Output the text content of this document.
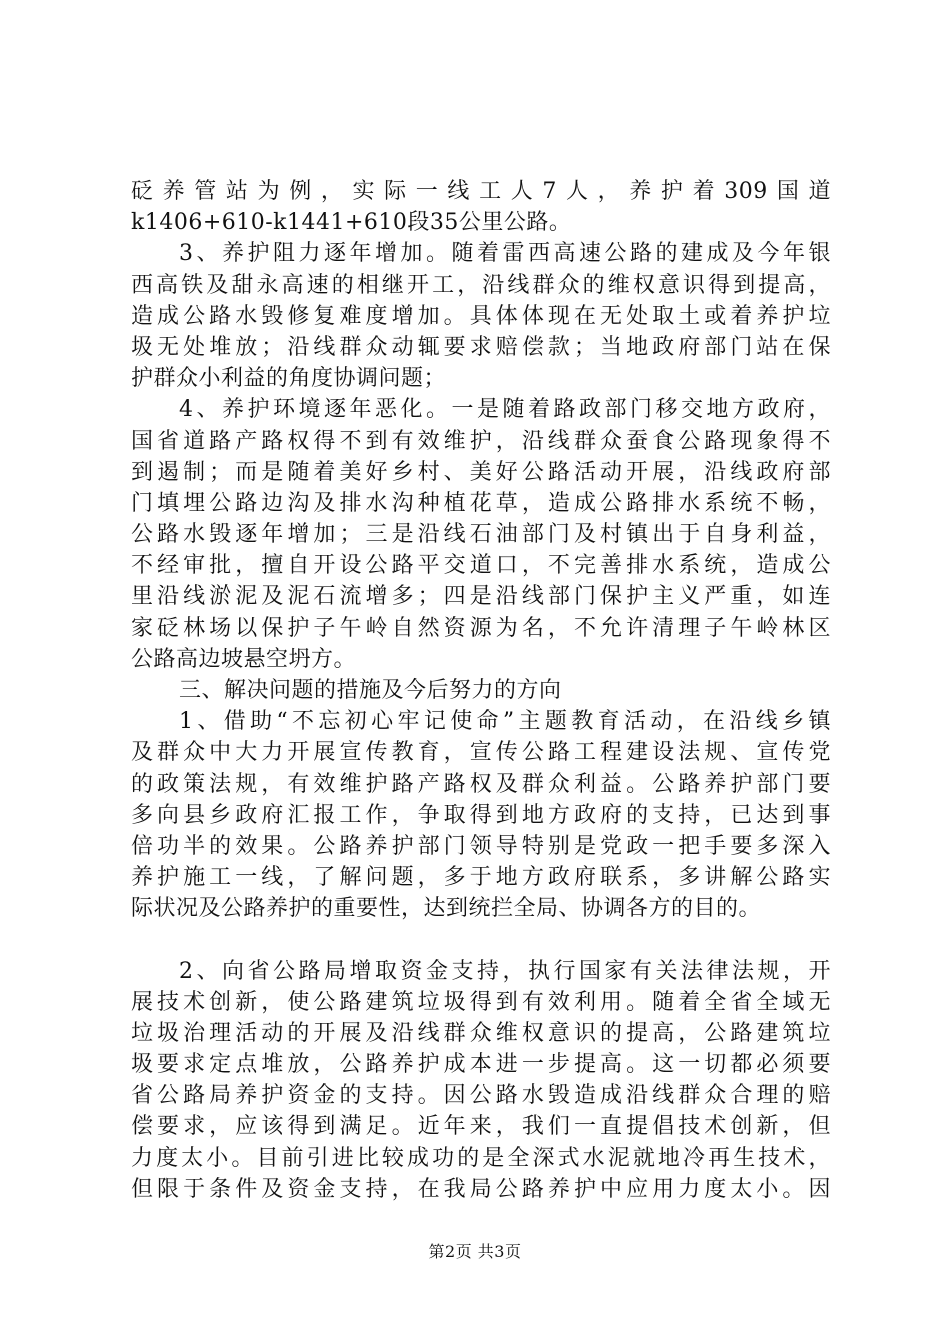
砭养管站为例，实际一线工人7人，养护着309国道
k1406+610-k1441+610段35公里公路。
3、养护阻力逐年增加。随着雷西高速公路的建成及今年银
西高铁及甜永高速的相继开工，沿线群众的维权意识得到提高，
造成公路水毁修复难度增加。具体体现在无处取土或着养护垃
圾无处堆放；沿线群众动辄要求赔偿款；当地政府部门站在保
护群众小利益的角度协调问题；
4、养护环境逐年恶化。一是随着路政部门移交地方政府，
国省道路产路权得不到有效维护，沿线群众蚕食公路现象得不
到遏制；而是随着美好乡村、美好公路活动开展，沿线政府部
门填埋公路边沟及排水沟种植花草，造成公路排水系统不畅，
公路水毁逐年增加；三是沿线石油部门及村镇出于自身利益，
不经审批，擅自开设公路平交道口，不完善排水系统，造成公
里沿线淤泥及泥石流增多；四是沿线部门保护主义严重，如连
家砭林场以保护子午岭自然资源为名，不允许清理子午岭林区
公路高边坡悬空坍方。
三、解决问题的措施及今后努力的方向
1、借助“不忘初心牢记使命”主题教育活动，在沿线乡镇
及群众中大力开展宣传教育，宣传公路工程建设法规、宣传党
的政策法规，有效维护路产路权及群众利益。公路养护部门要
多向县乡政府汇报工作，争取得到地方政府的支持，已达到事
倍功半的效果。公路养护部门领导特别是党政一把手要多深入
养护施工一线，了解问题，多于地方政府联系，多讲解公路实
际状况及公路养护的重要性，达到统拦全局、协调各方的目的。
2、向省公路局增取资金支持，执行国家有关法律法规，开
展技术创新，使公路建筑垃圾得到有效利用。随着全省全域无
垃圾治理活动的开展及沿线群众维权意识的提高，公路建筑垃
圾要求定点堆放，公路养护成本进一步提高。这一切都必须要
省公路局养护资金的支持。因公路水毁造成沿线群众合理的赔
偿要求，应该得到满足。近年来，我们一直提倡技术创新，但
力度太小。目前引进比较成功的是全深式水泥就地冷再生技术，
但限于条件及资金支持，在我局公路养护中应用力度太小。因
第2页 共3页
